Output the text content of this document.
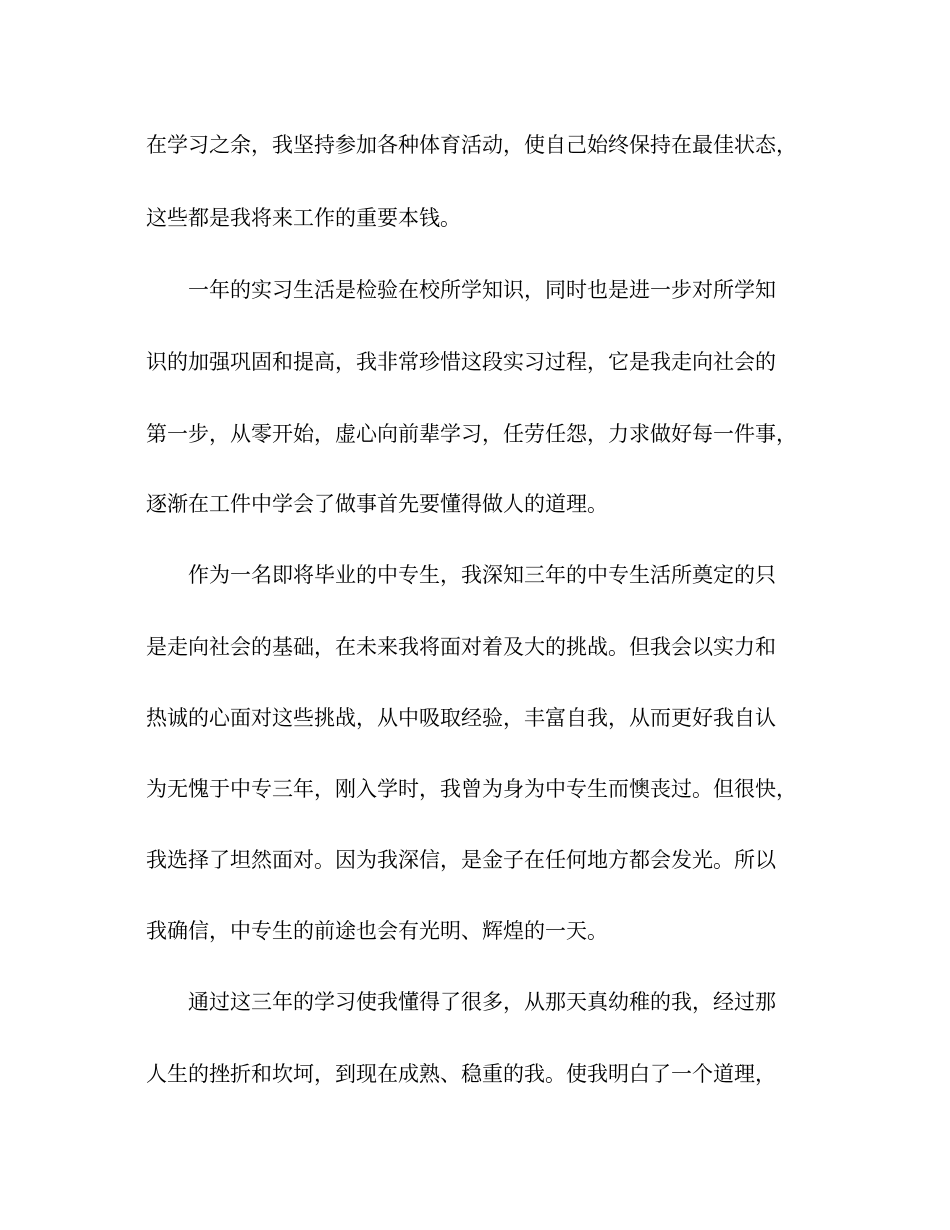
在学习之余，我坚持参加各种体育活动，使自己始终保持在最佳状态，
这些都是我将来工作的重要本钱。
一年的实习生活是检验在校所学知识，同时也是进一步对所学知
识的加强巩固和提高，我非常珍惜这段实习过程，它是我走向社会的
第一步，从零开始，虚心向前辈学习，任劳任怨，力求做好每一件事，
逐渐在工件中学会了做事首先要懂得做人的道理。
作为一名即将毕业的中专生，我深知三年的中专生活所奠定的只
是走向社会的基础，在未来我将面对着及大的挑战。但我会以实力和
热诚的心面对这些挑战，从中吸取经验，丰富自我，从而更好我自认
为无愧于中专三年，刚入学时，我曾为身为中专生而懊丧过。但很快，
我选择了坦然面对。因为我深信，是金子在任何地方都会发光。所以
我确信，中专生的前途也会有光明、辉煌的一天。
通过这三年的学习使我懂得了很多，从那天真幼稚的我，经过那
人生的挫折和坎坷，到现在成熟、稳重的我。使我明白了一个道理，
